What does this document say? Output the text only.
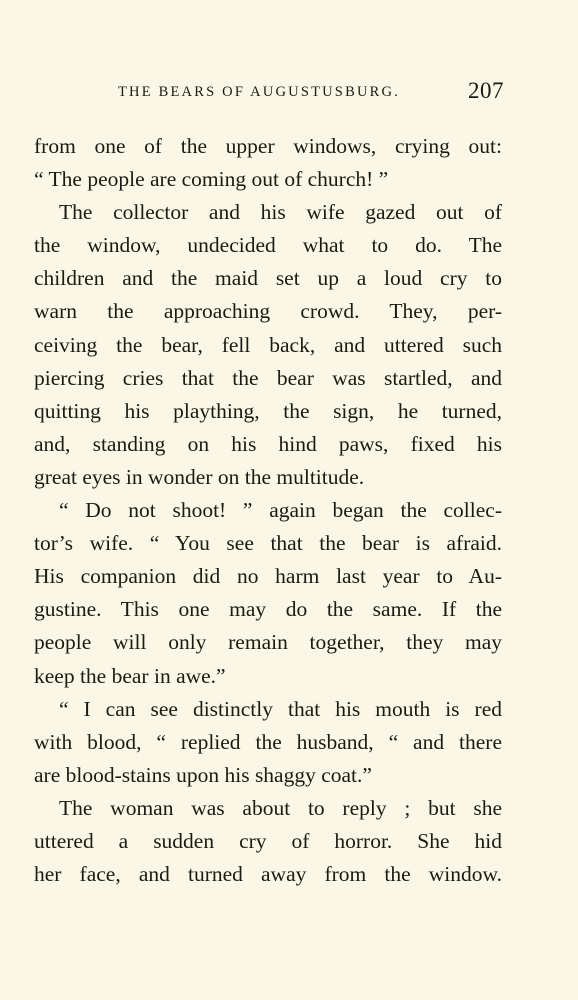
THE BEARS OF AUGUSTUSBURG.	207
from one of the upper windows, crying out:
“ The people are coming out of church! ”
The collector and his wife gazed out of
the window, undecided what to do. The
children and the maid set up a loud cry to
warn the approaching crowd. They, per-
ceiving the bear, fell back, and uttered such
piercing cries that the bear was startled, and
quitting his plaything, the sign, he turned,
and, standing on his hind paws, fixed his
great eyes in wonder on the multitude.
“ Do not shoot! ” again began the collec-
tor’s wife. “ You see that the bear is afraid.
His companion did no harm last year to Au-
gustine. This one may do the same. If the
people will only remain together, they may
keep the bear in awe.”
“ I can see distinctly that his mouth is red
with blood, “ replied the husband, “ and there
are blood-stains upon his shaggy coat.”
The woman was about to reply ; but she
uttered a sudden cry of horror. She hid
her face, and turned away from the window.
